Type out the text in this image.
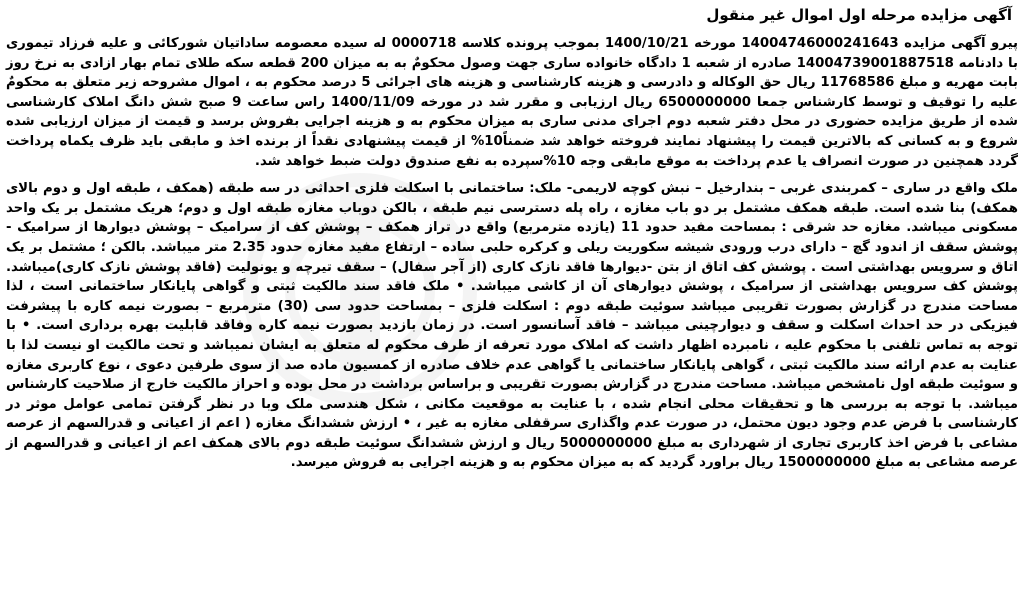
آگهی مزایده مرحله اول اموال غیر منقول

پیرو آگهی مزایده 14004746000241643 مورخه 1400/10/21 بموجب پرونده کلاسه 0000718 له سیده معصومه ساداتیان شورکائی و علیه فرزاد تیموری با دادنامه 14004739001887518 صادره از شعبه 1 دادگاه خانواده ساری جهت وصول محکومٌ به به میزان 200 قطعه سکه طلای تمام بهار ازادی به نرخ روز بابت مهریه و مبلغ 11768586 ریال حق الوکاله و دادرسی و هزینه کارشناسی و هزینه های اجرائی 5 درصد محکوم به ، اموال مشروحه زیر متعلق به محکومٌ علیه را توقیف و توسط کارشناس جمعا 6500000000 ریال ارزیابی و مقرر شد در مورخه 1400/11/09 راس ساعت 9 صبح شش دانگ املاک کارشناسی شده از طریق مزایده حضوری در محل دفتر شعبه دوم اجرای مدنی ساری به میزان محکوم به و هزینه اجرایی بفروش برسد و قیمت از میزان ارزیابی شده شروع و به کسانی که بالاترین قیمت را پیشنهاد نمایند فروخته خواهد شد ضمناً10% از قیمت پیشنهادی نقداً از برنده اخذ و مابقی باید ظرف یکماه پرداخت گردد همچنین در صورت انصراف یا عدم پرداخت به موقع مابقی وجه 10%سپرده به نفع صندوق دولت ضبط خواهد شد.

ملک واقع در ساری – کمربندی غربی – بندارخیل – نبش کوچه لاریمی- ملک: ساختمانی با اسکلت فلزی احداثی در سه طبقه (همکف ، طبقه اول و دوم بالای همکف) بنا شده است. طبقه همکف مشتمل بر دو باب مغازه ، راه پله دسترسی نیم طبقه ، بالکن دوباب مغازه طبقه اول و دوم؛ هریک مشتمل بر یک واحد مسکونی میباشد. مغازه حد شرقی : بمساحت مفید حدود 11 (یازده مترمربع) واقع در تراز همکف – پوشش کف از سرامیک – پوشش دیوارها از سرامیک - پوشش سقف از اندود گچ – دارای درب ورودی شیشه سکوریت ریلی و کرکره حلبی ساده – ارتفاع مفید مغازه حدود 2.35 متر میباشد. بالکن ؛ مشتمل بر یک اتاق و سرویس بهداشتی است . پوشش کف اتاق از بتن -دیوارها فاقد نازک کاری (از آجر سفال) – سقف تیرچه و یونولیت (فاقد پوشش نازک کاری)میباشد. پوشش کف سرویس بهداشتی از سرامیک ، پوشش دیوارهای آن از کاشی میباشد. • ملک فاقد سند مالکیت ثبتی و گواهی پایانکار ساختمانی است ، لذا مساحت مندرج در گزارش بصورت تقریبی میباشد سوئیت طبقه دوم : اسکلت فلزی – بمساحت حدود سی (30) مترمربع – بصورت نیمه کاره با پیشرفت فیزیکی در حد احداث اسکلت و سقف و دیوارچینی میباشد – فاقد آسانسور است. در زمان بازدید بصورت نیمه کاره وفاقد قابلیت بهره برداری است. • با توجه به تماس تلفنی با محکوم علیه ، نامبرده اظهار داشت که املاک مورد تعرفه از طرف محکوم له متعلق به ایشان نمیباشد و تحت مالکیت او نیست لذا با عنایت به عدم ارائه سند مالکیت ثبتی ، گواهی پایانکار ساختمانی یا گواهی عدم خلاف صادره از کمسیون ماده صد از سوی طرفین دعوی ، نوع کاربری مغازه و سوئیت طبقه اول نامشخص میباشد. مساحت مندرج در گزارش بصورت تقریبی و براساس برداشت در محل بوده و احراز مالکیت خارج از صلاحیت کارشناس میباشد. با توجه به بررسی ها و تحقیقات محلی انجام شده ، با عنایت به موقعیت مکانی ، شکل هندسی ملک وبا در نظر گرفتن تمامی عوامل موثر در کارشناسی با فرض عدم وجود دیون محتمل، در صورت عدم واگذاری سرقفلی مغازه به غیر ، • ارزش ششدانگ مغازه ( اعم از اعیانی و قدرالسهم از عرصه مشاعی با فرض اخذ کاربری تجاری از شهرداری به مبلغ 5000000000 ریال و ارزش ششدانگ سوئیت طبقه دوم بالای همکف اعم از اعیانی و قدرالسهم از عرصه مشاعی به مبلغ 1500000000 ریال براورد گردید که به میزان محکوم به و هزینه اجرایی به فروش میرسد.
